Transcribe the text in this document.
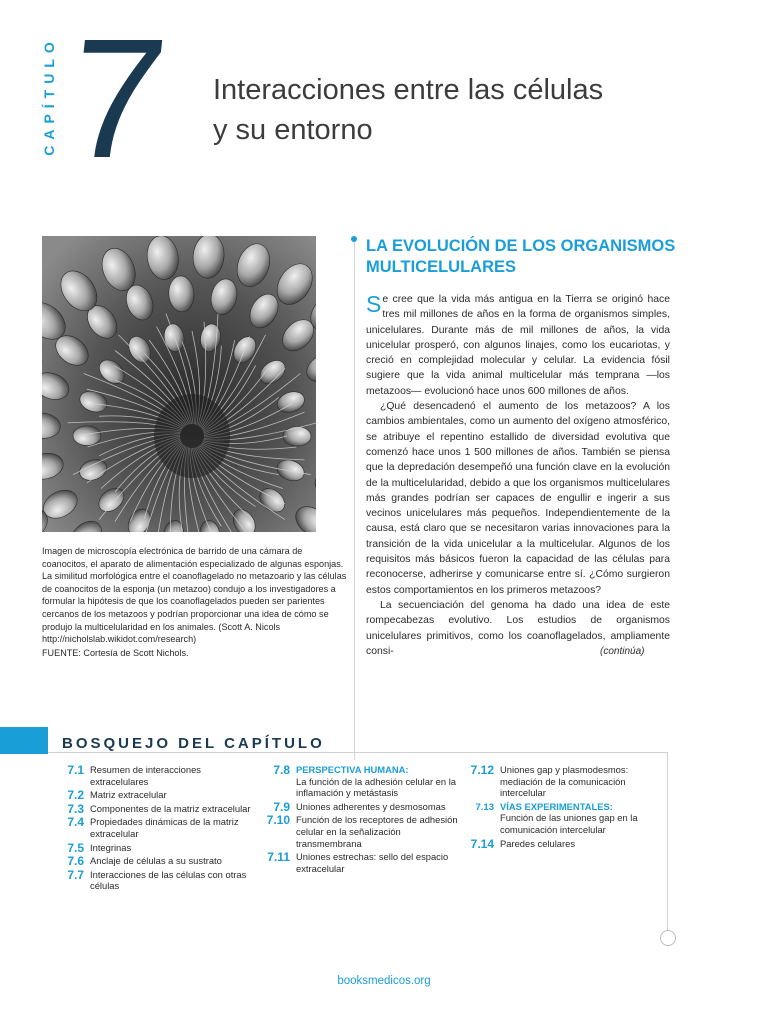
CAPÍTULO 7 Interacciones entre las células
y su entorno

Imagen de microscopía electrónica de barrido de una cámara de coanocitos, el aparato de alimentación especializado de algunas esponjas. La similitud morfológica entre el coanoflagelado no metazoario y las células de coanocitos de la esponja (un metazoo) condujo a los investigadores a formular la hipótesis de que los coanoflagelados pueden ser parientes cercanos de los metazoos y podrían proporcionar una idea de cómo se produjo la multicelularidad en los animales. (Scott A. Nicols http://nicholslab.wikidot.com/research)

FUENTE: Cortesía de Scott Nichols.

LA EVOLUCIÓN DE LOS ORGANISMOS
MULTICELULARES

Se cree que la vida más antigua en la Tierra se originó hace tres mil millones de años en la forma de organismos simples, unicelulares. Durante más de mil millones de años, la vida unicelular prosperó, con algunos linajes, como los eucariotas, y creció en complejidad molecular y celular. La evidencia fósil sugiere que la vida animal multicelular más temprana —los metazoos— evolucionó hace unos 600 millones de años.

¿Qué desencadenó el aumento de los metazoos? A los cambios ambientales, como un aumento del oxígeno atmosférico, se atribuye el repentino estallido de diversidad evolutiva que comenzó hace unos 1 500 millones de años. También se piensa que la depredación desempeñó una función clave en la evolución de la multicelularidad, debido a que los organismos multicelulares más grandes podrían ser capaces de engullir e ingerir a sus vecinos unicelulares más pequeños. Independientemente de la causa, está claro que se necesitaron varias innovaciones para la transición de la vida unicelular a la multicelular. Algunos de los requisitos más básicos fueron la capacidad de las células para reconocerse, adherirse y comunicarse entre sí. ¿Cómo surgieron estos comportamientos en los primeros metazoos?

La secuenciación del genoma ha dado una idea de este rompecabezas evolutivo. Los estudios de organismos unicelulares primitivos, como los coanoflagelados, ampliamente consi-	(continúa)
BOSQUEJO DEL CAPÍTULO
7.1 Resumen de interacciones extracelulares
7.2 Matriz extracelular
7.3 Componentes de la matriz extracelular
7.4 Propiedades dinámicas de la matriz extracelular
7.5 Integrinas
7.6 Anclaje de células a su sustrato
7.7 Interacciones de las células con otras células
7.8 PERSPECTIVA HUMANA:
La función de la adhesión celular en la inflamación y metástasis
7.9 Uniones adherentes y desmosomas
7.10 Función de los receptores de adhesión celular en la señalización transmembrana
7.11 Uniones estrechas: sello del espacio extracelular
7.12 Uniones gap y plasmodesmos: mediación de la comunicación intercelular
7.13 VÍAS EXPERIMENTALES:
Función de las uniones gap en la comunicación intercelular
7.14 Paredes celulares
booksmedicos.org
